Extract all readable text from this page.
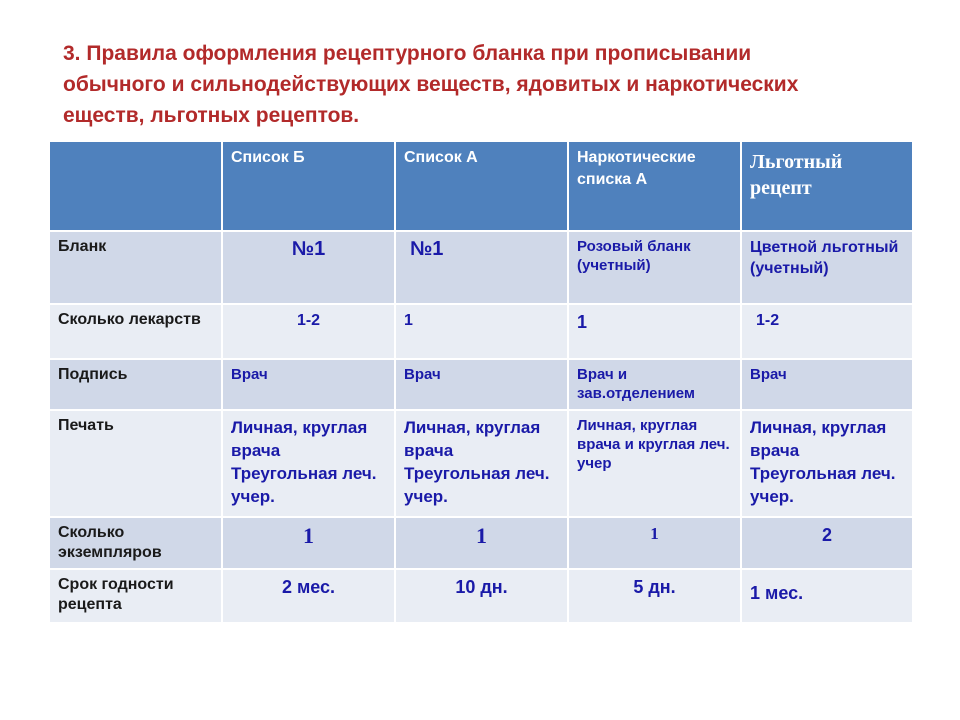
3. Правила оформления рецептурного бланка при прописывании
обычного и сильнодействующих веществ, ядовитых и наркотических
еществ, льготных рецептов.
	Список Б	Список А	Наркотические списка А	Льготный рецепт
Бланк	№1	№1	Розовый бланк (учетный)	Цветной льготный (учетный)
Сколько лекарств	1-2	1	1	1-2
Подпись	Врач	Врач	Врач и зав.отделением	Врач
Печать	Личная, круглая врача Треугольная леч. учер.	Личная, круглая врача Треугольная леч. учер.	Личная, круглая врача и круглая леч. учер	Личная, круглая врача Треугольная леч. учер.
Сколько экземпляров	1	1	1	2
Срок годности рецепта	2 мес.	10 дн.	5 дн.	1 мес.
